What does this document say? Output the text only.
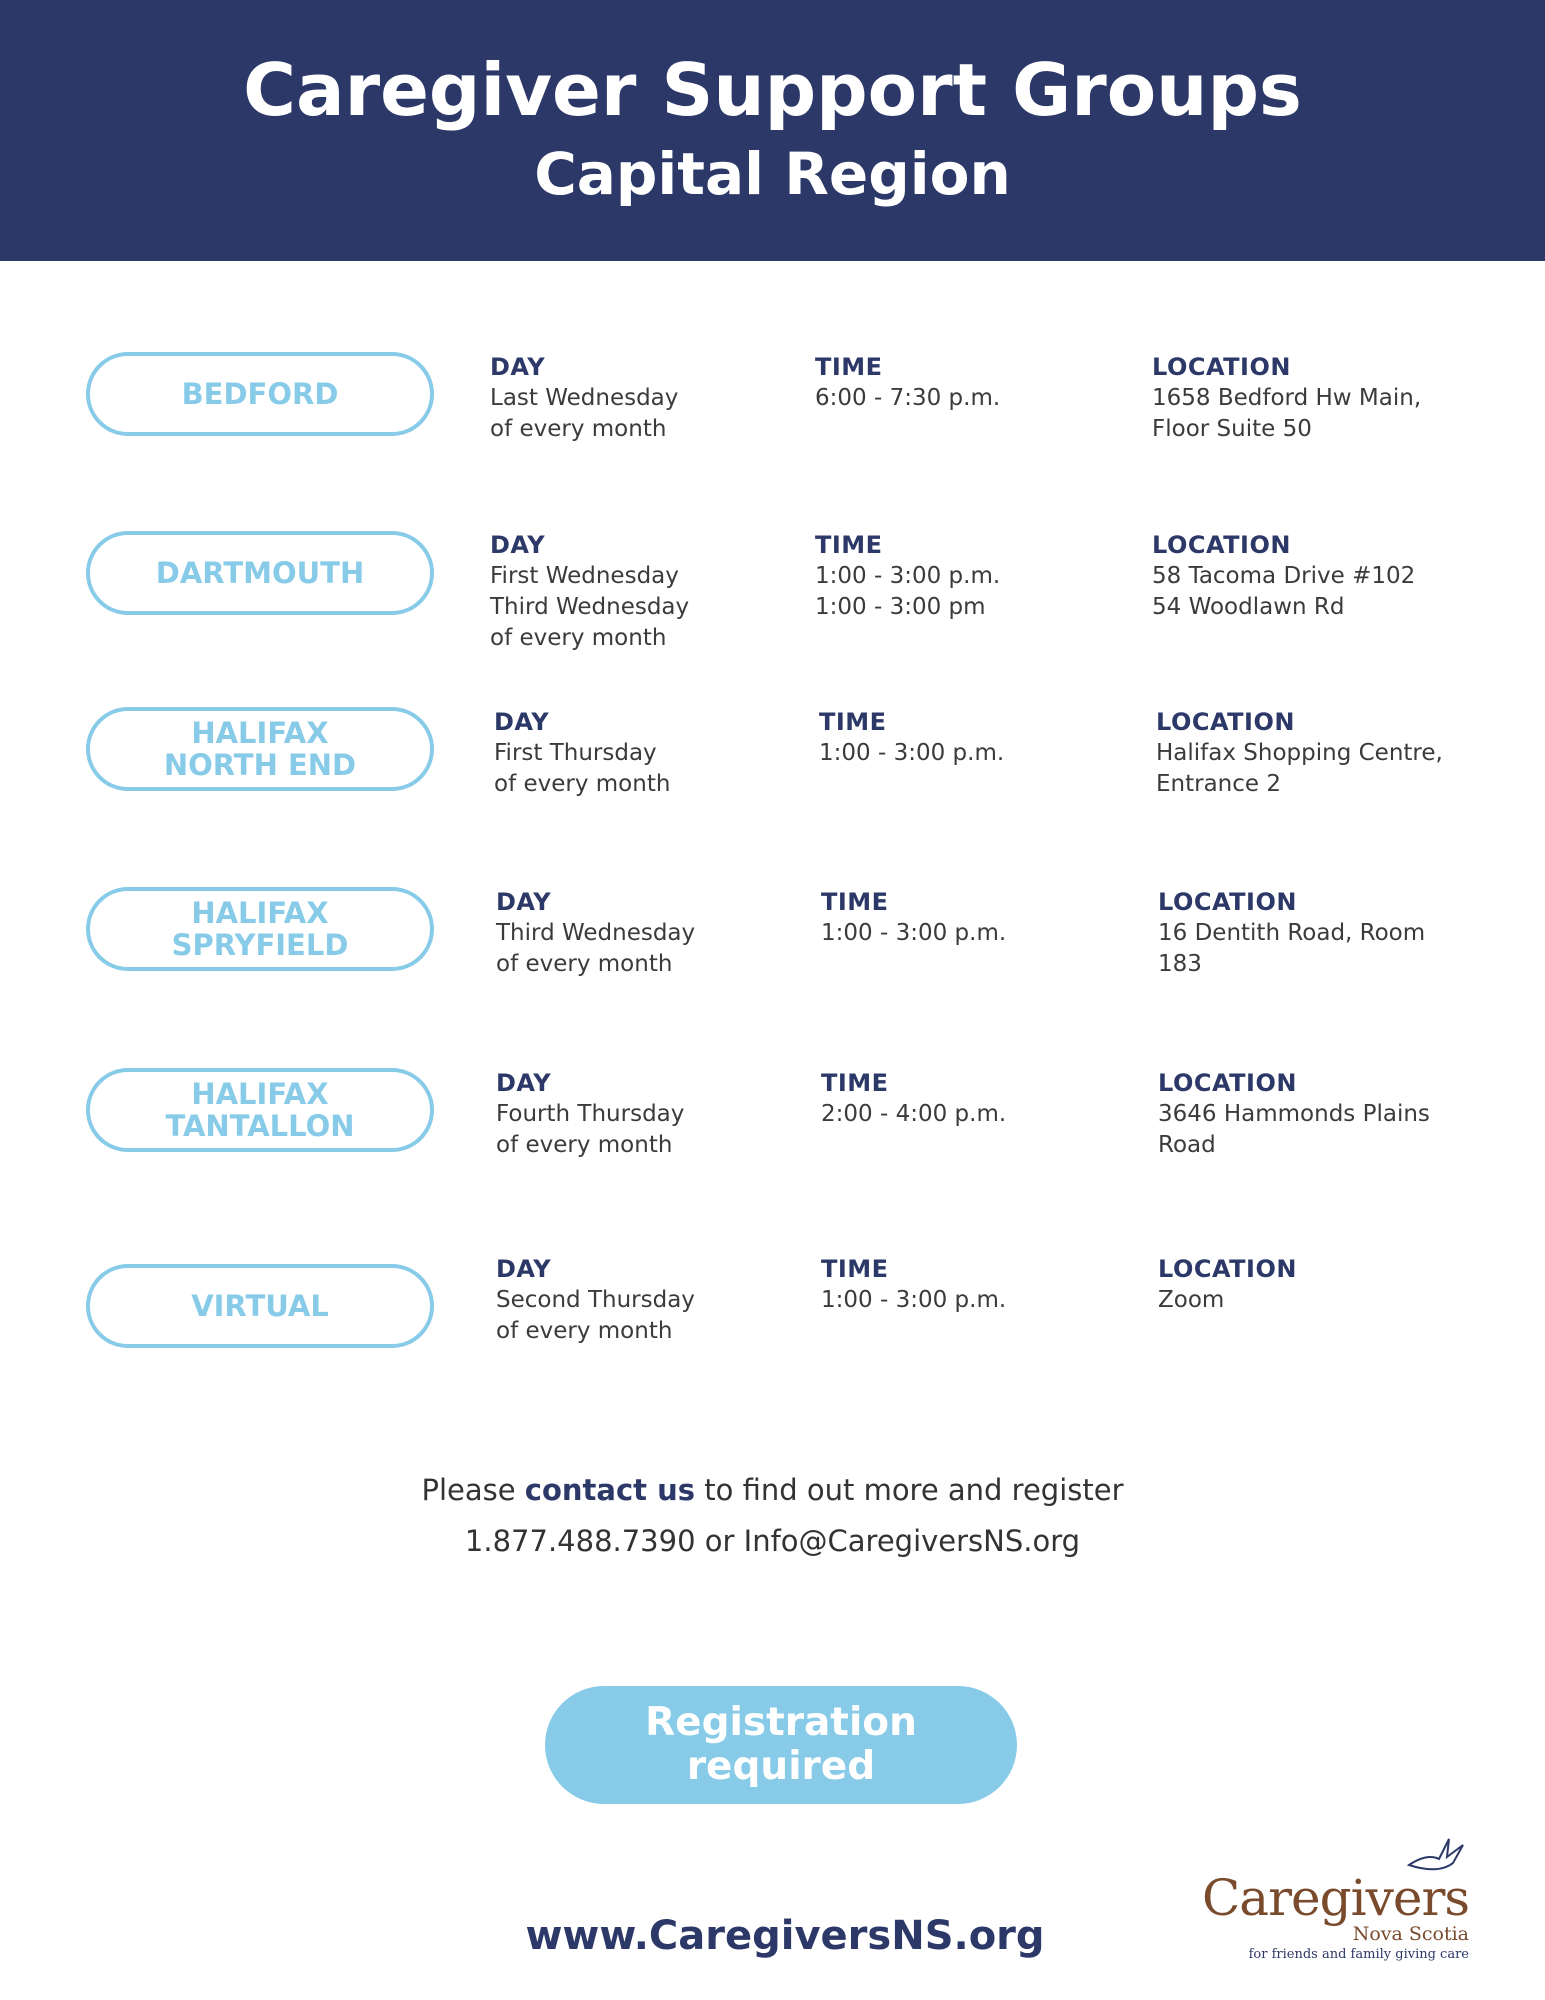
Caregiver Support Groups
Capital Region
BEDFORD
DAY
Last Wednesday
of every month
TIME
6:00 - 7:30 p.m.
LOCATION
1658 Bedford Hw Main,
Floor Suite 50
DARTMOUTH
DAY
First Wednesday
Third Wednesday
of every month
TIME
1:00 - 3:00 p.m.
1:00 - 3:00 pm
LOCATION
58 Tacoma Drive #102
54 Woodlawn Rd
HALIFAX
NORTH END
DAY
First Thursday
of every month
TIME
1:00 - 3:00 p.m.
LOCATION
Halifax Shopping Centre,
Entrance 2
HALIFAX
SPRYFIELD
DAY
Third Wednesday
of every month
TIME
1:00 - 3:00 p.m.
LOCATION
16 Dentith Road, Room
183
HALIFAX
TANTALLON
DAY
Fourth Thursday
of every month
TIME
2:00 - 4:00 p.m.
LOCATION
3646 Hammonds Plains
Road
VIRTUAL
DAY
Second Thursday
of every month
TIME
1:00 - 3:00 p.m.
LOCATION
Zoom
Please contact us to find out more and register
1.877.488.7390 or Info@CaregiversNS.org
Registration
required
www.CaregiversNS.org
Caregivers
Nova Scotia
for friends and family giving care
